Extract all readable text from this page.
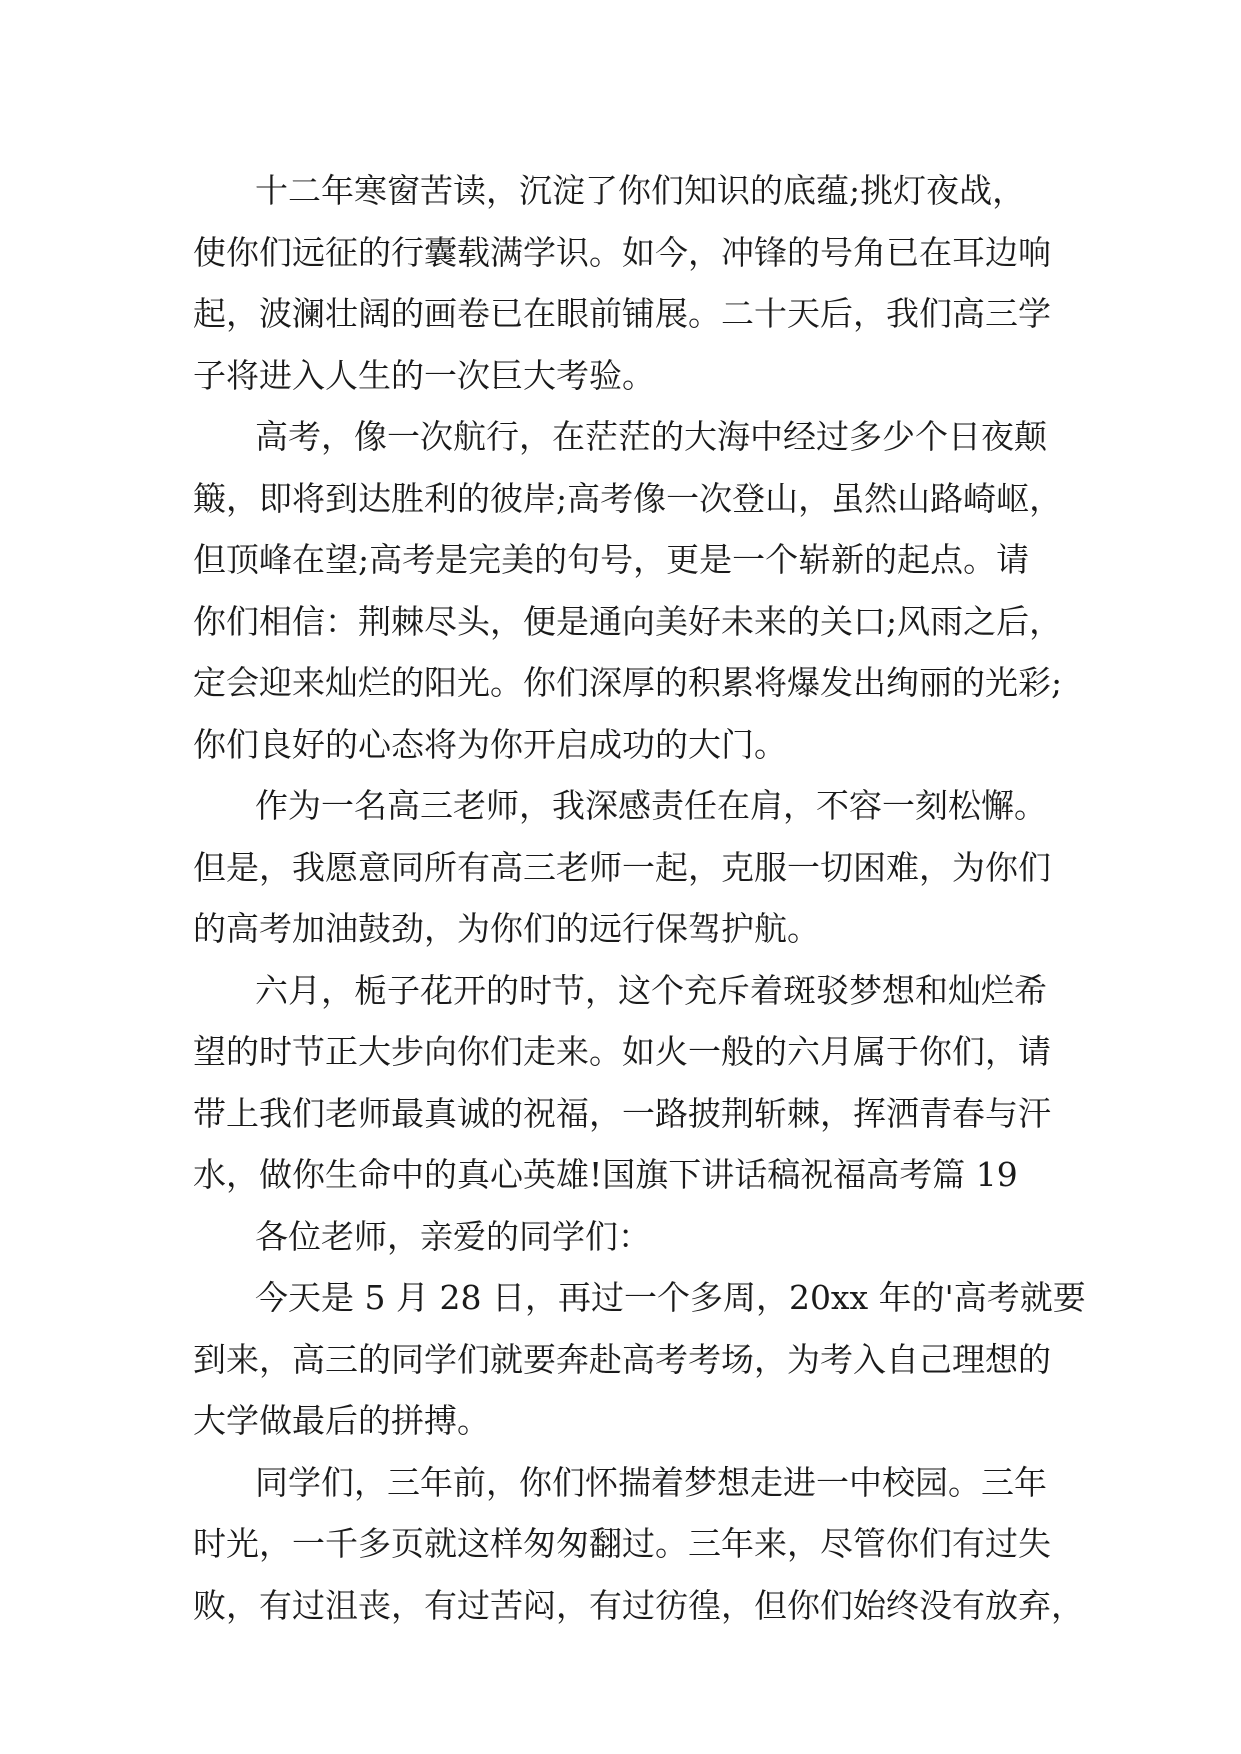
十二年寒窗苦读，沉淀了你们知识的底蕴;挑灯夜战，
使你们远征的行囊载满学识。如今，冲锋的号角已在耳边响
起，波澜壮阔的画卷已在眼前铺展。二十天后，我们高三学
子将进入人生的一次巨大考验。
高考，像一次航行，在茫茫的大海中经过多少个日夜颠
簸，即将到达胜利的彼岸;高考像一次登山，虽然山路崎岖，
但顶峰在望;高考是完美的句号，更是一个崭新的起点。请
你们相信：荆棘尽头，便是通向美好未来的关口;风雨之后，
定会迎来灿烂的阳光。你们深厚的积累将爆发出绚丽的光彩;
你们良好的心态将为你开启成功的大门。
作为一名高三老师，我深感责任在肩，不容一刻松懈。
但是，我愿意同所有高三老师一起，克服一切困难，为你们
的高考加油鼓劲，为你们的远行保驾护航。
六月，栀子花开的时节，这个充斥着斑驳梦想和灿烂希
望的时节正大步向你们走来。如火一般的六月属于你们，请
带上我们老师最真诚的祝福，一路披荆斩棘，挥洒青春与汗
水，做你生命中的真心英雄!国旗下讲话稿祝福高考篇 19
各位老师，亲爱的同学们：
今天是 5 月 28 日，再过一个多周，20xx 年的'高考就要
到来，高三的同学们就要奔赴高考考场，为考入自己理想的
大学做最后的拼搏。
同学们，三年前，你们怀揣着梦想走进一中校园。三年
时光，一千多页就这样匆匆翻过。三年来，尽管你们有过失
败，有过沮丧，有过苦闷，有过彷徨，但你们始终没有放弃，
